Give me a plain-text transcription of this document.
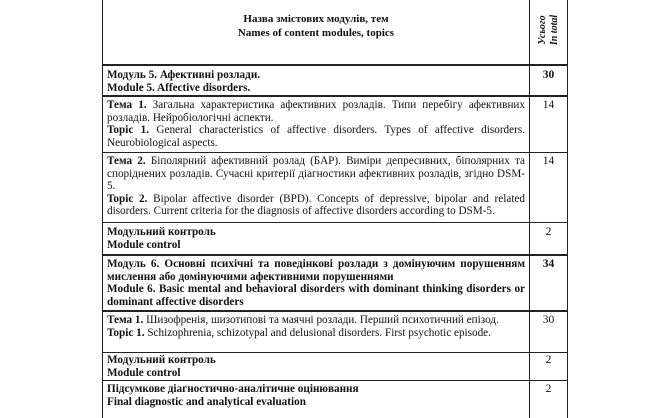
Назва змістових модулів, тем
Names of content modules, topics	Усього In total

Модуль 5. Афективні розлади.

Module 5. Affective disorders.

30

Тема 1. Загальна характеристика афективних розладів. Типи перебігу афективних розладів. Нейробіологічні аспекти.

Topic 1. General characteristics of affective disorders. Types of affective disorders. Neurobiological aspects.

14

Тема 2. Біполярний афективний розлад (БАР). Виміри депресивних, біполярних та споріднених розладів. Сучасні критерії діагностики афективних розладів, згідно DSM-5.

Topic 2. Bipolar affective disorder (BPD). Concepts of depressive, bipolar and related disorders. Current criteria for the diagnosis of affective disorders according to DSM-5.

14

Модульний контроль

Module control

2

Модуль 6. Основні психічні та поведінкові розлади з домінуючим порушенням мислення або домінуючими афективними порушеннями

Module 6. Basic mental and behavioral disorders with dominant thinking disorders or dominant affective disorders

34

Тема 1. Шизофренія, шизотипові та маячні розлади. Перший психотичний епізод.

Topic 1. Schizophrenia, schizotypal and delusional disorders. First psychotic episode.

30

Модульний контроль

Module control

2

Підсумкове діагностично-аналітичне оцінювання

Final diagnostic and analytical evaluation

2
